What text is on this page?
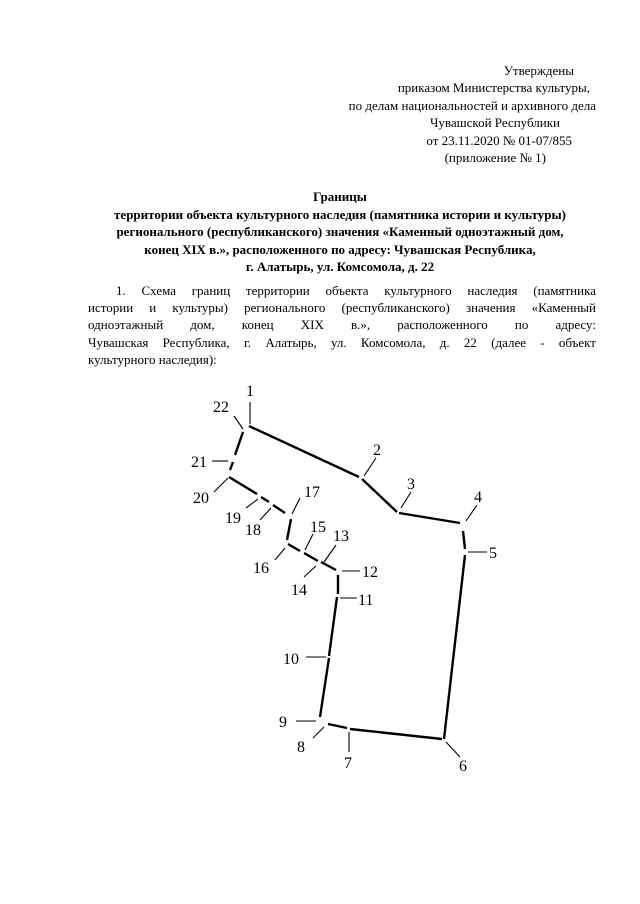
Утверждены
приказом Министерства культуры,
по делам национальностей и архивного дела
Чувашской Республики
от 23.11.2020 № 01-07/855
(приложение № 1)
Границы
территории объекта культурного наследия (памятника истории и культуры)
регионального (республиканского) значения «Каменный одноэтажный дом,
конец XIX в.», расположенного по адресу: Чувашская Республика,
г. Алатырь, ул. Комсомола, д. 22
1. Схема границ территории объекта культурного наследия (памятника
истории и культуры) регионального (республиканского) значения «Каменный
одноэтажный дом, конец XIX в.», расположенного по адресу:
Чувашская Республика, г. Алатырь, ул. Комсомола, д. 22 (далее - объект
культурного наследия):
1
2
3
4
5
6
7
8
9
10
11
12
13
14
15
16
17
18
19
20
21
22
